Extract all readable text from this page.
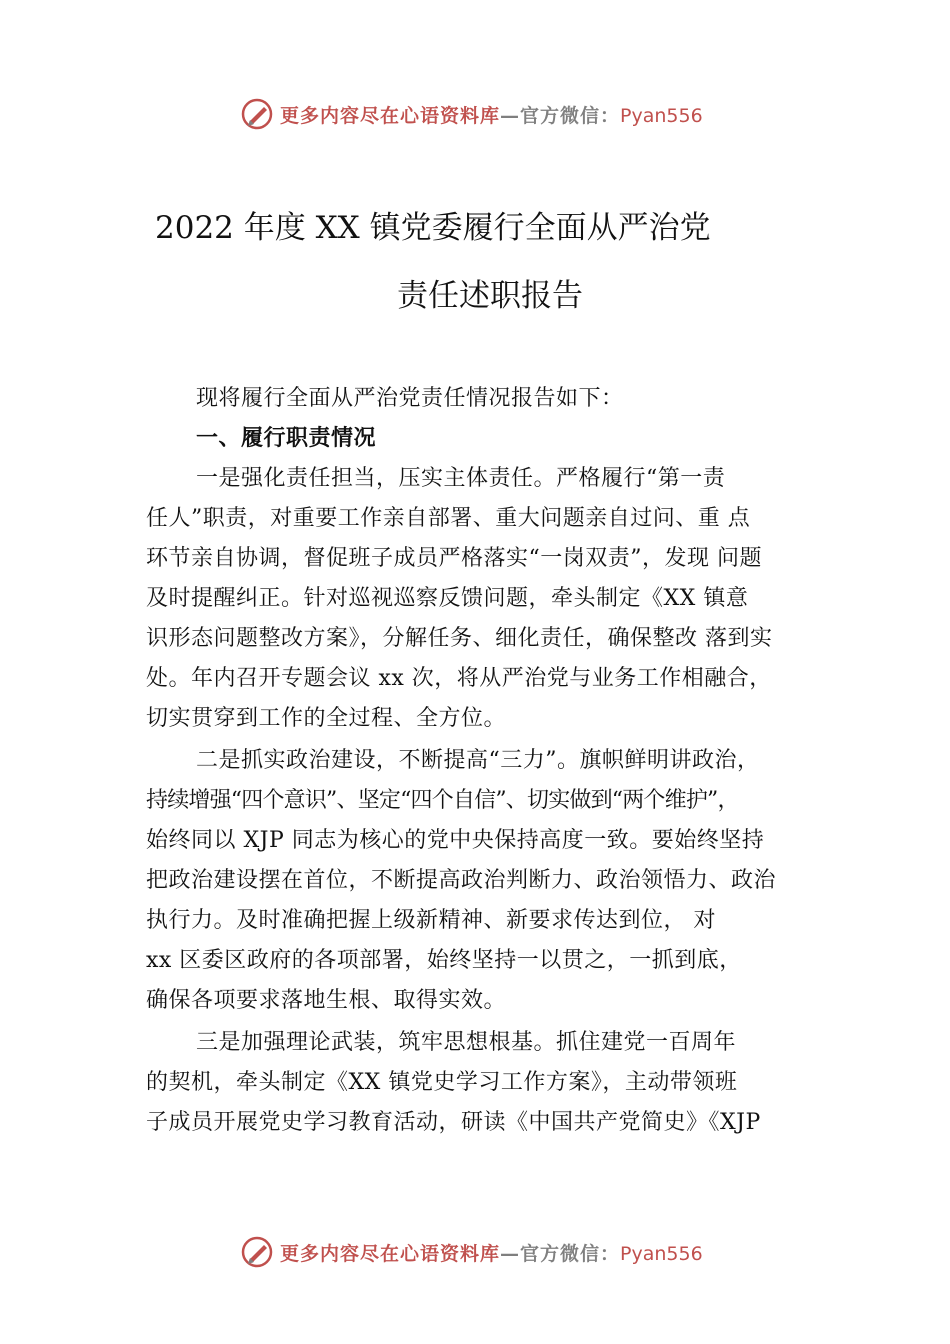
更多内容尽在心语资料库—官方微信：Pyan556
2022 年度 XX 镇党委履行全面从严治党
责任述职报告
现将履行全面从严治党责任情况报告如下：
一、履行职责情况
一是强化责任担当，压实主体责任。严格履行“第一责
任人”职责，对重要工作亲自部署、重大问题亲自过问、重 点
环节亲自协调，督促班子成员严格落实“一岗双责”，发现 问题
及时提醒纠正。针对巡视巡察反馈问题，牵头制定《XX 镇意
识形态问题整改方案》，分解任务、细化责任，确保整改 落到实
处。年内召开专题会议 xx 次，将从严治党与业务工作相融合，
切实贯穿到工作的全过程、全方位。
二是抓实政治建设，不断提高“三力”。旗帜鲜明讲政治，
持续增强“四个意识”、坚定“四个自信”、切实做到“两个维护”，
始终同以 XJP 同志为核心的党中央保持高度一致。要始终坚持
把政治建设摆在首位，不断提高政治判断力、政治领悟力、政治
执行力。及时准确把握上级新精神、新要求传达到位， 对
xx 区委区政府的各项部署，始终坚持一以贯之，一抓到底，
确保各项要求落地生根、取得实效。
三是加强理论武装，筑牢思想根基。抓住建党一百周年
的契机，牵头制定《XX 镇党史学习工作方案》，主动带领班
子成员开展党史学习教育活动，研读《中国共产党简史》《XJP
更多内容尽在心语资料库—官方微信：Pyan556
